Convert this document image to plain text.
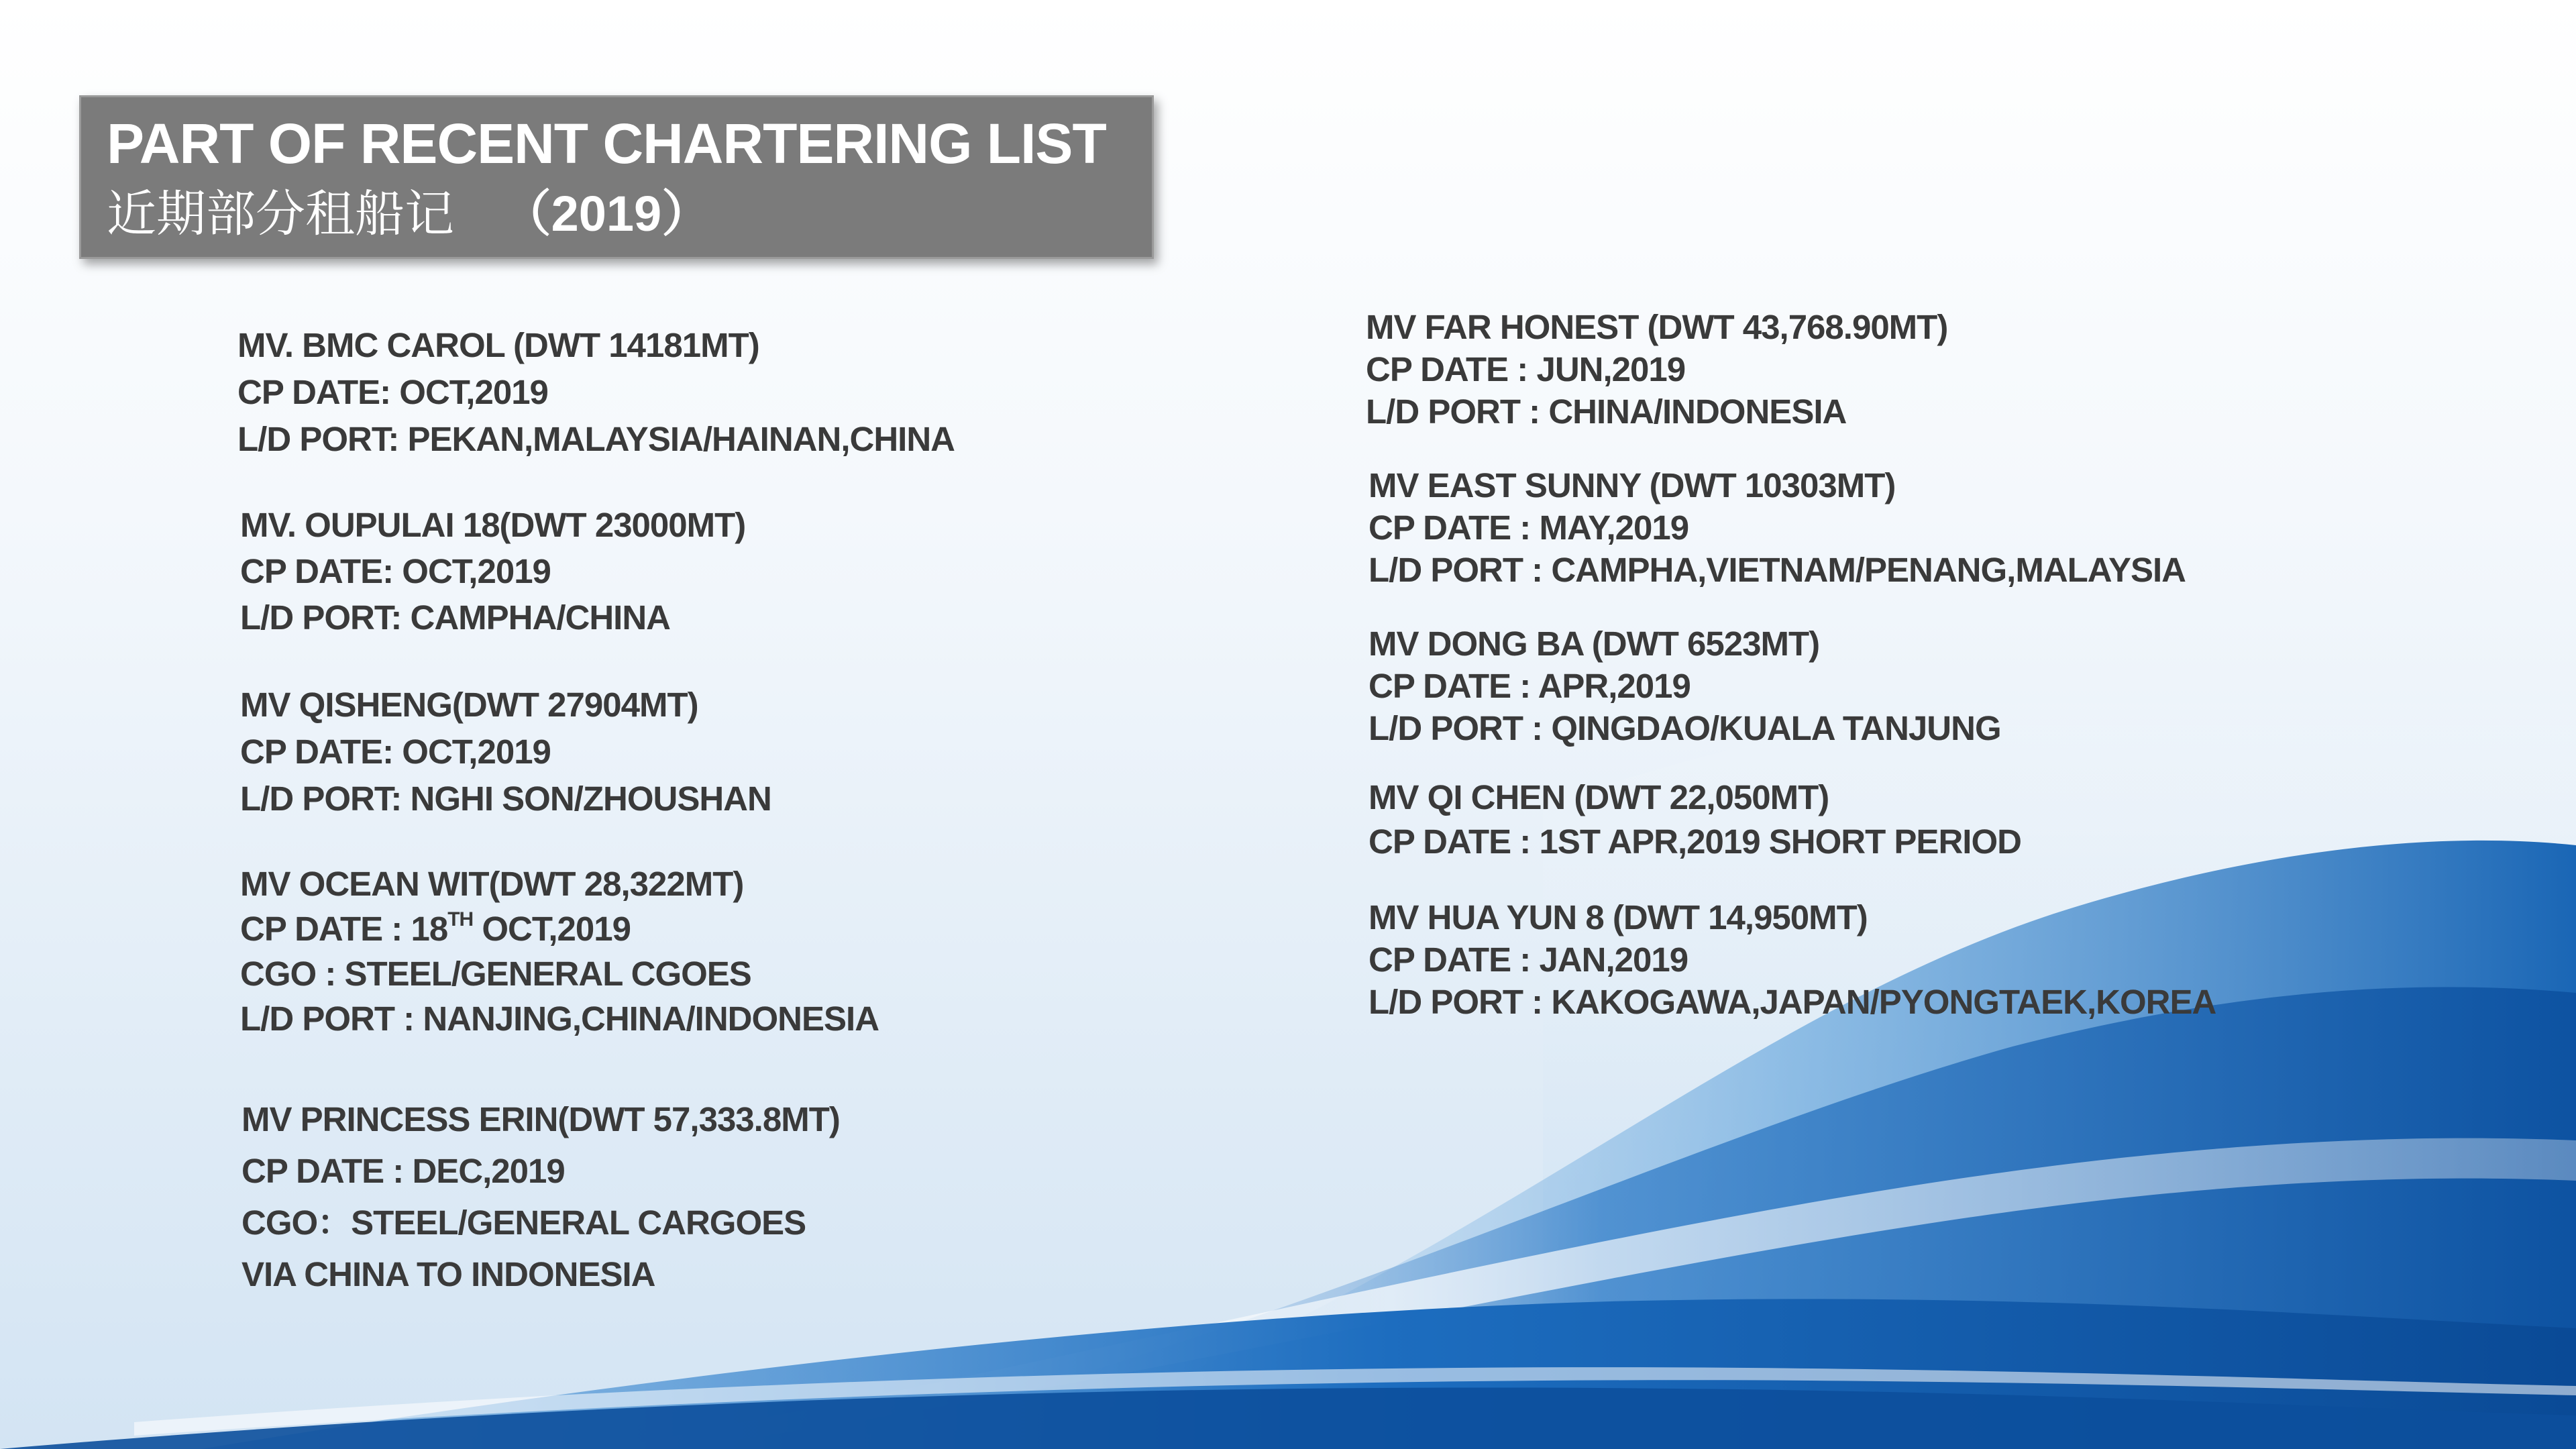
PART OF RECENT CHARTERING LIST
近期部分租船记 （2019）
MV. BMC CAROL (DWT 14181MT)
CP DATE: OCT,2019
L/D PORT: PEKAN,MALAYSIA/HAINAN,CHINA
MV. OUPULAI 18(DWT 23000MT)
CP DATE: OCT,2019
L/D PORT: CAMPHA/CHINA
MV QISHENG(DWT 27904MT)
CP DATE: OCT,2019
L/D PORT: NGHI SON/ZHOUSHAN
MV OCEAN WIT(DWT 28,322MT)
CP DATE : 18TH OCT,2019
CGO : STEEL/GENERAL CGOES
L/D PORT : NANJING,CHINA/INDONESIA
MV PRINCESS ERIN(DWT 57,333.8MT)
CP DATE : DEC,2019
CGO：STEEL/GENERAL CARGOES
VIA CHINA TO INDONESIA
MV FAR HONEST (DWT 43,768.90MT)
CP DATE : JUN,2019
L/D PORT : CHINA/INDONESIA
MV EAST SUNNY (DWT 10303MT)
CP DATE : MAY,2019
L/D PORT : CAMPHA,VIETNAM/PENANG,MALAYSIA
MV DONG BA (DWT 6523MT)
CP DATE : APR,2019
L/D PORT : QINGDAO/KUALA TANJUNG
MV QI CHEN (DWT 22,050MT)
CP DATE : 1ST APR,2019 SHORT PERIOD
MV HUA YUN 8 (DWT 14,950MT)
CP DATE : JAN,2019
L/D PORT : KAKOGAWA,JAPAN/PYONGTAEK,KOREA
